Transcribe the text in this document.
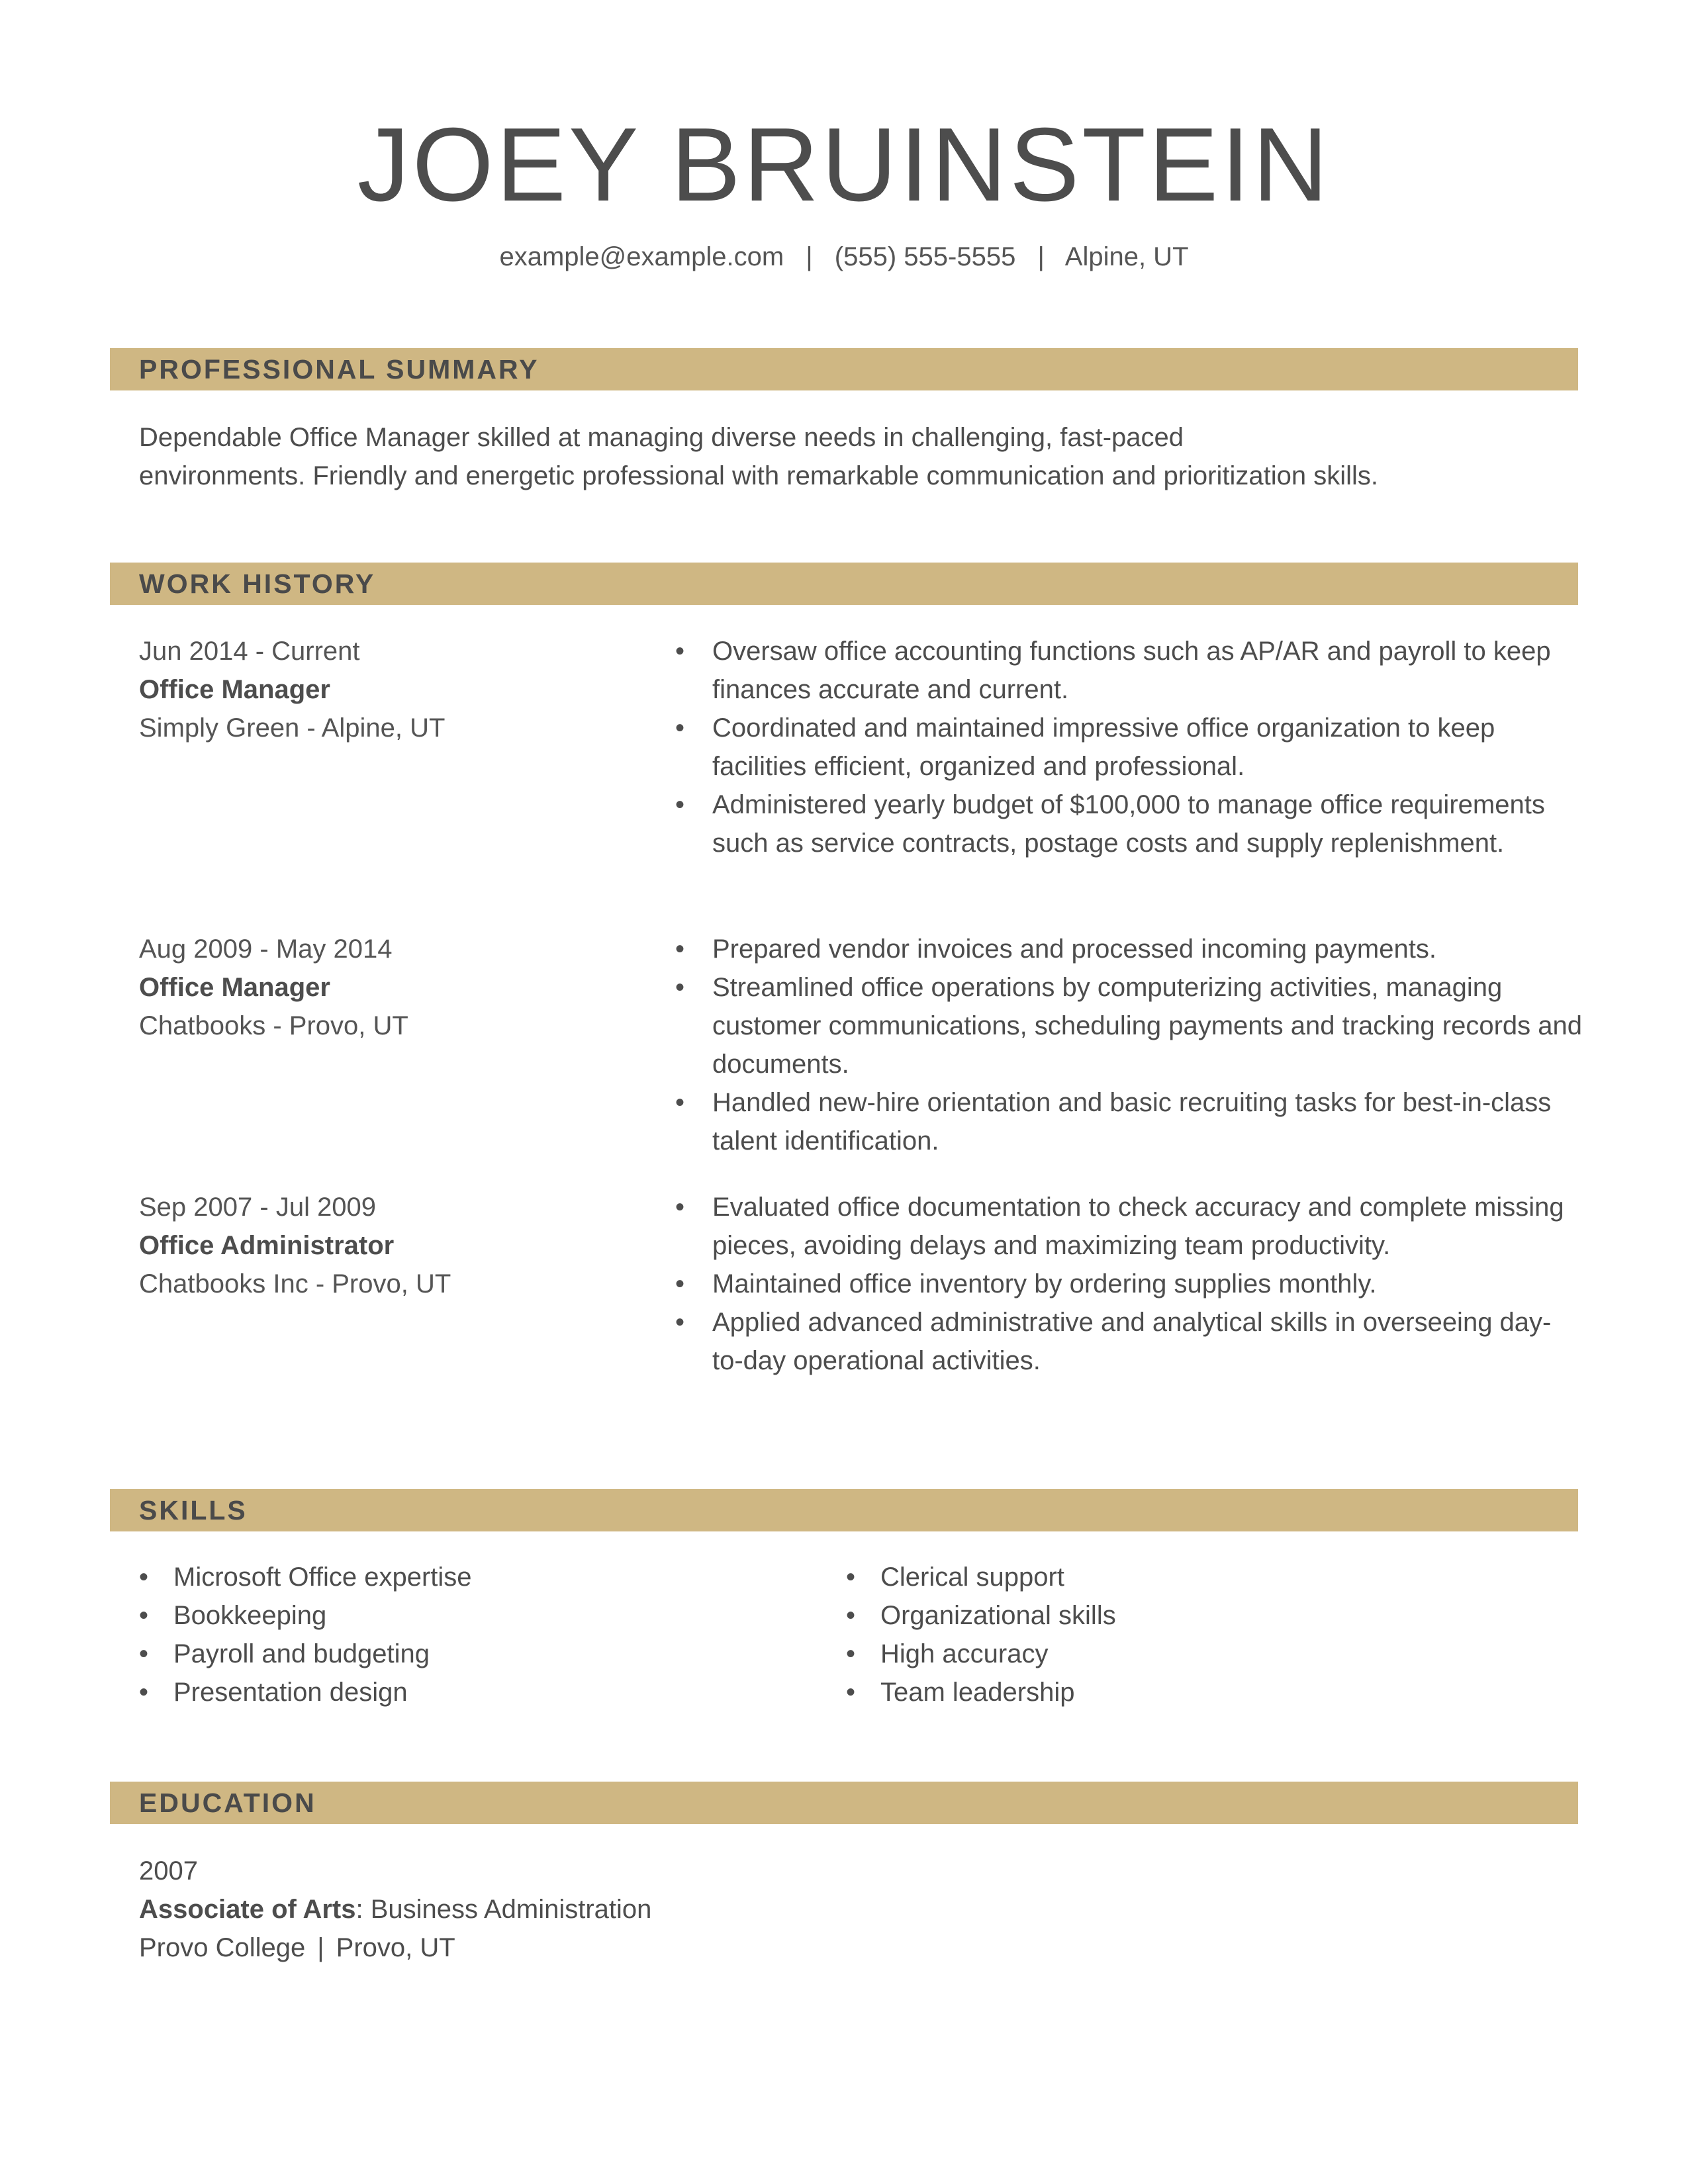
JOEY BRUINSTEIN
example@example.com | (555) 555-5555 | Alpine, UT
PROFESSIONAL SUMMARY
Dependable Office Manager skilled at managing diverse needs in challenging, fast-paced
environments. Friendly and energetic professional with remarkable communication and prioritization skills.
WORK HISTORY
Jun 2014 - Current
Office Manager
Simply Green - Alpine, UT
• Oversaw office accounting functions such as AP/AR and payroll to keep finances accurate and current.
• Coordinated and maintained impressive office organization to keep facilities efficient, organized and professional.
• Administered yearly budget of $100,000 to manage office requirements such as service contracts, postage costs and supply replenishment.
Aug 2009 - May 2014
Office Manager
Chatbooks - Provo, UT
• Prepared vendor invoices and processed incoming payments.
• Streamlined office operations by computerizing activities, managing customer communications, scheduling payments and tracking records and documents.
• Handled new-hire orientation and basic recruiting tasks for best-in-class talent identification.
Sep 2007 - Jul 2009
Office Administrator
Chatbooks Inc - Provo, UT
• Evaluated office documentation to check accuracy and complete missing pieces, avoiding delays and maximizing team productivity.
• Maintained office inventory by ordering supplies monthly.
• Applied advanced administrative and analytical skills in overseeing day-to-day operational activities.
SKILLS
• Microsoft Office expertise
• Bookkeeping
• Payroll and budgeting
• Presentation design
• Clerical support
• Organizational skills
• High accuracy
• Team leadership
EDUCATION
2007
Associate of Arts: Business Administration
Provo College | Provo, UT
